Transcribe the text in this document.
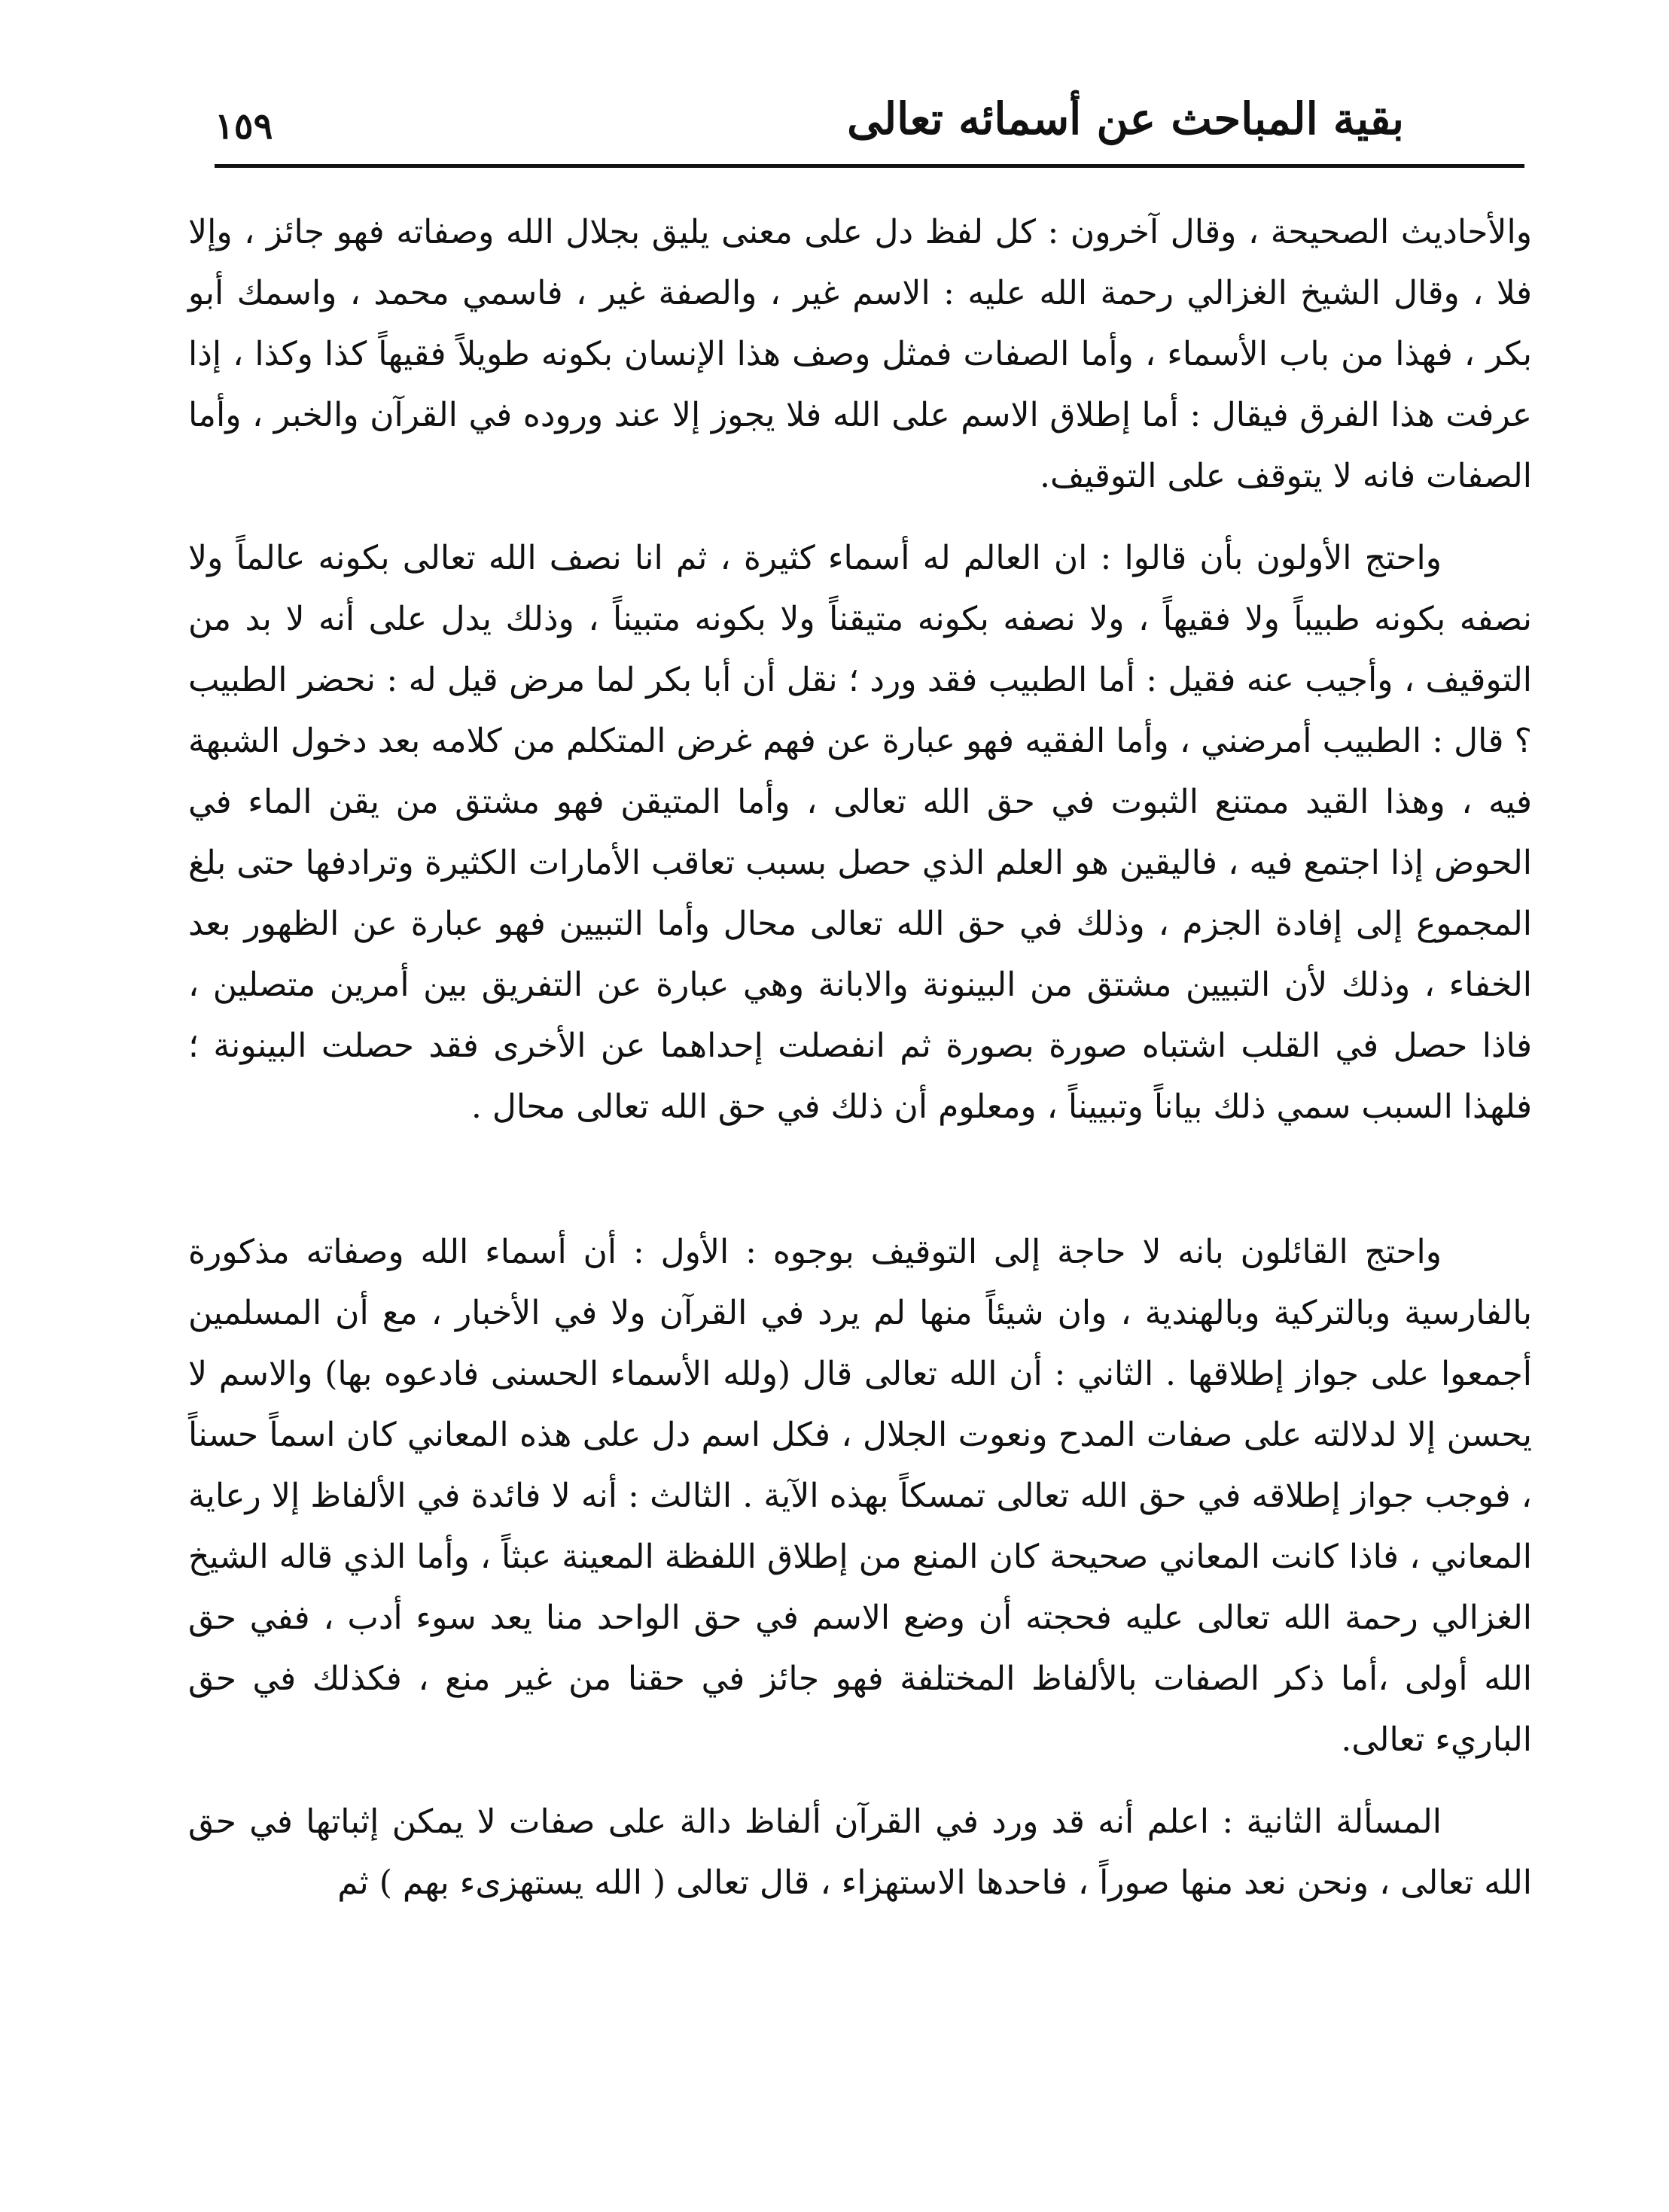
بقية المباحث عن أسمائه تعالى
١٥٩

والأحاديث الصحيحة ، وقال آخرون : كل لفظ دل على معنى يليق بجلال الله وصفاته فهو جائز ، وإلا فلا ، وقال الشيخ الغزالي رحمة الله عليه : الاسم غير ، والصفة غير ، فاسمي محمد ، واسمك أبو بكر ، فهذا من باب الأسماء ، وأما الصفات فمثل وصف هذا الإنسان بكونه طويلاً فقيهاً كذا وكذا ، إذا عرفت هذا الفرق فيقال : أما إطلاق الاسم على الله فلا يجوز إلا عند وروده في القرآن والخبر ، وأما الصفات فانه لا يتوقف على التوقيف.

واحتج الأولون بأن قالوا : ان العالم له أسماء كثيرة ، ثم انا نصف الله تعالى بكونه عالماً ولا نصفه بكونه طبيباً ولا فقيهاً ، ولا نصفه بكونه متيقناً ولا بكونه متبيناً ، وذلك يدل على أنه لا بد من التوقيف ، وأجيب عنه فقيل : أما الطبيب فقد ورد ؛ نقل أن أبا بكر لما مرض قيل له : نحضر الطبيب ؟ قال : الطبيب أمرضني ، وأما الفقيه فهو عبارة عن فهم غرض المتكلم من كلامه بعد دخول الشبهة فيه ، وهذا القيد ممتنع الثبوت في حق الله تعالى ، وأما المتيقن فهو مشتق من يقن الماء في الحوض إذا اجتمع فيه ، فاليقين هو العلم الذي حصل بسبب تعاقب الأمارات الكثيرة وترادفها حتى بلغ المجموع إلى إفادة الجزم ، وذلك في حق الله تعالى محال وأما التبيين فهو عبارة عن الظهور بعد الخفاء ، وذلك لأن التبيين مشتق من البينونة والابانة وهي عبارة عن التفريق بين أمرين متصلين ، فاذا حصل في القلب اشتباه صورة بصورة ثم انفصلت إحداهما عن الأخرى فقد حصلت البينونة ؛ فلهذا السبب سمي ذلك بياناً وتبييناً ، ومعلوم أن ذلك في حق الله تعالى محال .

واحتج القائلون بانه لا حاجة إلى التوقيف بوجوه : الأول : أن أسماء الله وصفاته مذكورة بالفارسية وبالتركية وبالهندية ، وان شيئاً منها لم يرد في القرآن ولا في الأخبار ، مع أن المسلمين أجمعوا على جواز إطلاقها . الثاني : أن الله تعالى قال (ولله الأسماء الحسنى فادعوه بها) والاسم لا يحسن إلا لدلالته على صفات المدح ونعوت الجلال ، فكل اسم دل على هذه المعاني كان اسماً حسناً ، فوجب جواز إطلاقه في حق الله تعالى تمسكاً بهذه الآية . الثالث : أنه لا فائدة في الألفاظ إلا رعاية المعاني ، فاذا كانت المعاني صحيحة كان المنع من إطلاق اللفظة المعينة عبثاً ، وأما الذي قاله الشيخ الغزالي رحمة الله تعالى عليه فحجته أن وضع الاسم في حق الواحد منا يعد سوء أدب ، ففي حق الله أولى ،أما ذكر الصفات بالألفاظ المختلفة فهو جائز في حقنا من غير منع ، فكذلك في حق الباريء تعالى.

المسألة الثانية : اعلم أنه قد ورد في القرآن ألفاظ دالة على صفات لا يمكن إثباتها في حق الله تعالى ، ونحن نعد منها صوراً ، فاحدها الاستهزاء ، قال تعالى ( الله يستهزىء بهم ) ثم
